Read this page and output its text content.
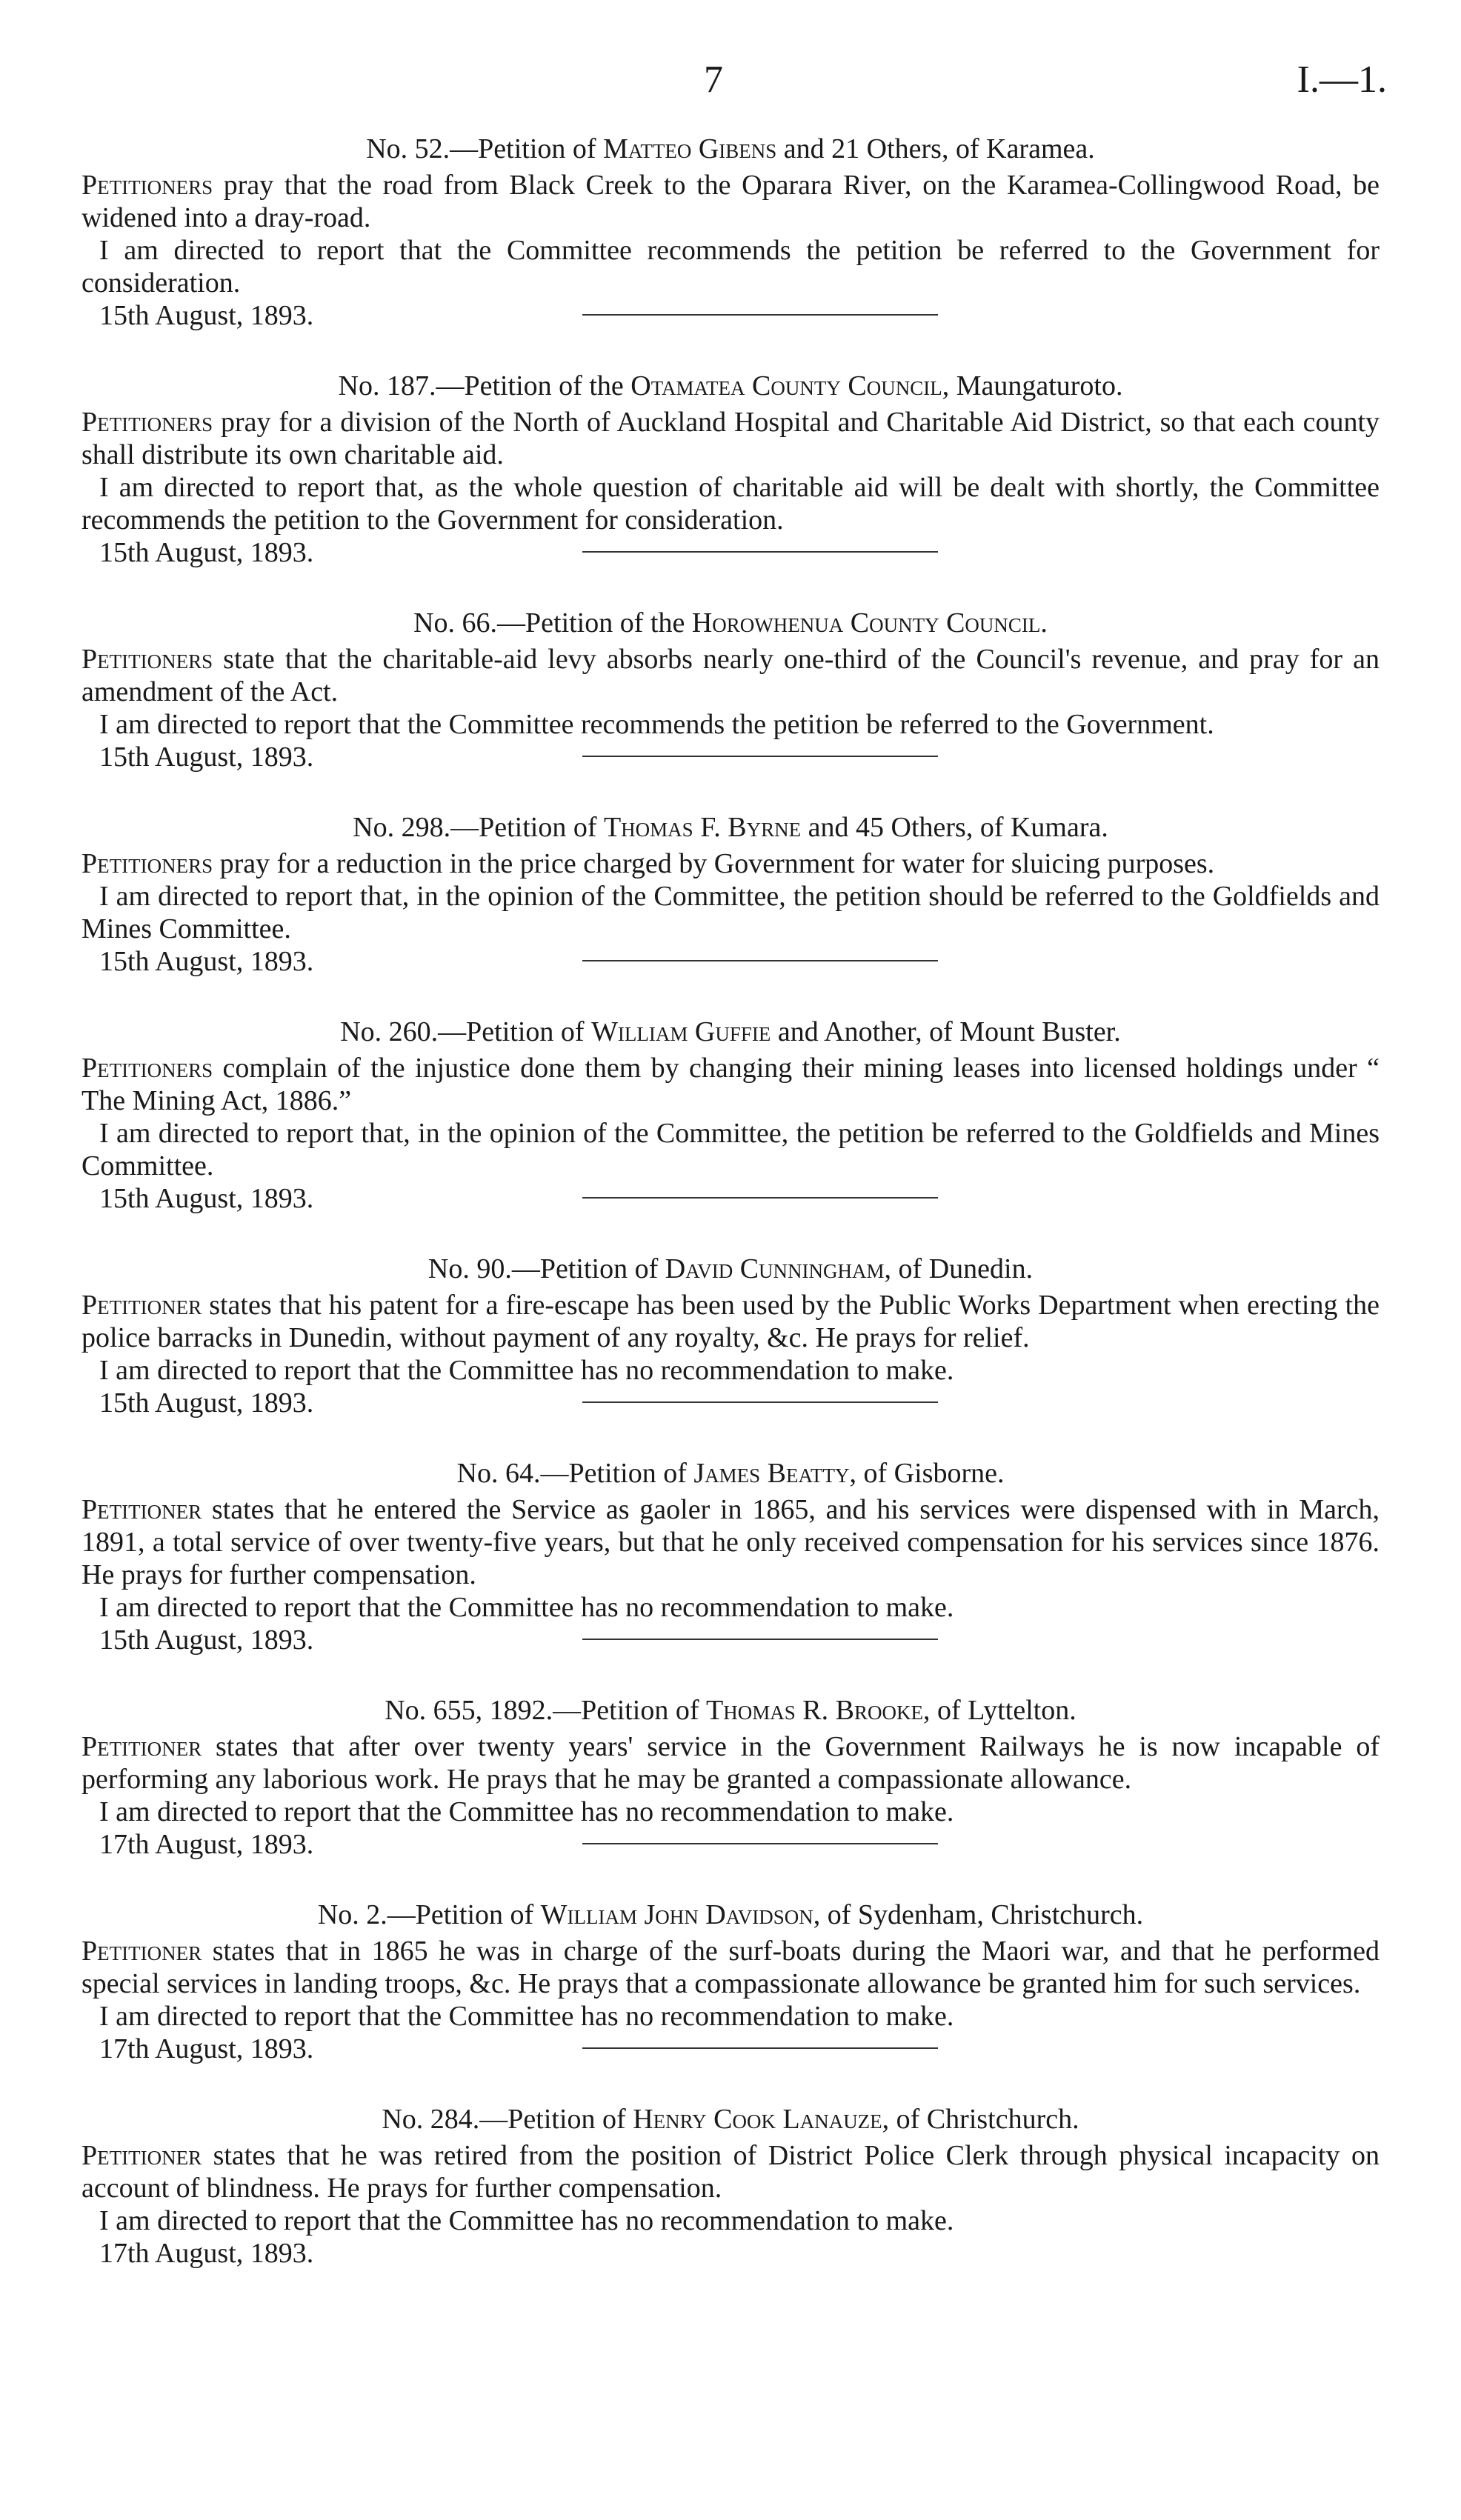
7	I.—1.

No. 52.—Petition of Matteo Gibens and 21 Others, of Karamea.

Petitioners pray that the road from Black Creek to the Oparara River, on the Karamea-Collingwood Road, be widened into a dray-road.

I am directed to report that the Committee recommends the petition be referred to the Government for consideration.

15th August, 1893.

No. 187.—Petition of the Otamatea County Council, Maungaturoto.

Petitioners pray for a division of the North of Auckland Hospital and Charitable Aid District, so that each county shall distribute its own charitable aid.

I am directed to report that, as the whole question of charitable aid will be dealt with shortly, the Committee recommends the petition to the Government for consideration.

15th August, 1893.

No. 66.—Petition of the Horowhenua County Council.

Petitioners state that the charitable-aid levy absorbs nearly one-third of the Council's revenue, and pray for an amendment of the Act.

I am directed to report that the Committee recommends the petition be referred to the Government.

15th August, 1893.

No. 298.—Petition of Thomas F. Byrne and 45 Others, of Kumara.

Petitioners pray for a reduction in the price charged by Government for water for sluicing purposes.

I am directed to report that, in the opinion of the Committee, the petition should be referred to the Goldfields and Mines Committee.

15th August, 1893.

No. 260.—Petition of William Guffie and Another, of Mount Buster.

Petitioners complain of the injustice done them by changing their mining leases into licensed holdings under “ The Mining Act, 1886.”

I am directed to report that, in the opinion of the Committee, the petition be referred to the Goldfields and Mines Committee.

15th August, 1893.

No. 90.—Petition of David Cunningham, of Dunedin.

Petitioner states that his patent for a fire-escape has been used by the Public Works Department when erecting the police barracks in Dunedin, without payment of any royalty, &c. He prays for relief.

I am directed to report that the Committee has no recommendation to make.

15th August, 1893.

No. 64.—Petition of James Beatty, of Gisborne.

Petitioner states that he entered the Service as gaoler in 1865, and his services were dispensed with in March, 1891, a total service of over twenty-five years, but that he only received compensation for his services since 1876. He prays for further compensation.

I am directed to report that the Committee has no recommendation to make.

15th August, 1893.

No. 655, 1892.—Petition of Thomas R. Brooke, of Lyttelton.

Petitioner states that after over twenty years' service in the Government Railways he is now incapable of performing any laborious work. He prays that he may be granted a compassionate allowance.

I am directed to report that the Committee has no recommendation to make.

17th August, 1893.

No. 2.—Petition of William John Davidson, of Sydenham, Christchurch.

Petitioner states that in 1865 he was in charge of the surf-boats during the Maori war, and that he performed special services in landing troops, &c. He prays that a compassionate allowance be granted him for such services.

I am directed to report that the Committee has no recommendation to make.

17th August, 1893.

No. 284.—Petition of Henry Cook Lanauze, of Christchurch.

Petitioner states that he was retired from the position of District Police Clerk through physical incapacity on account of blindness. He prays for further compensation.

I am directed to report that the Committee has no recommendation to make.

17th August, 1893.
